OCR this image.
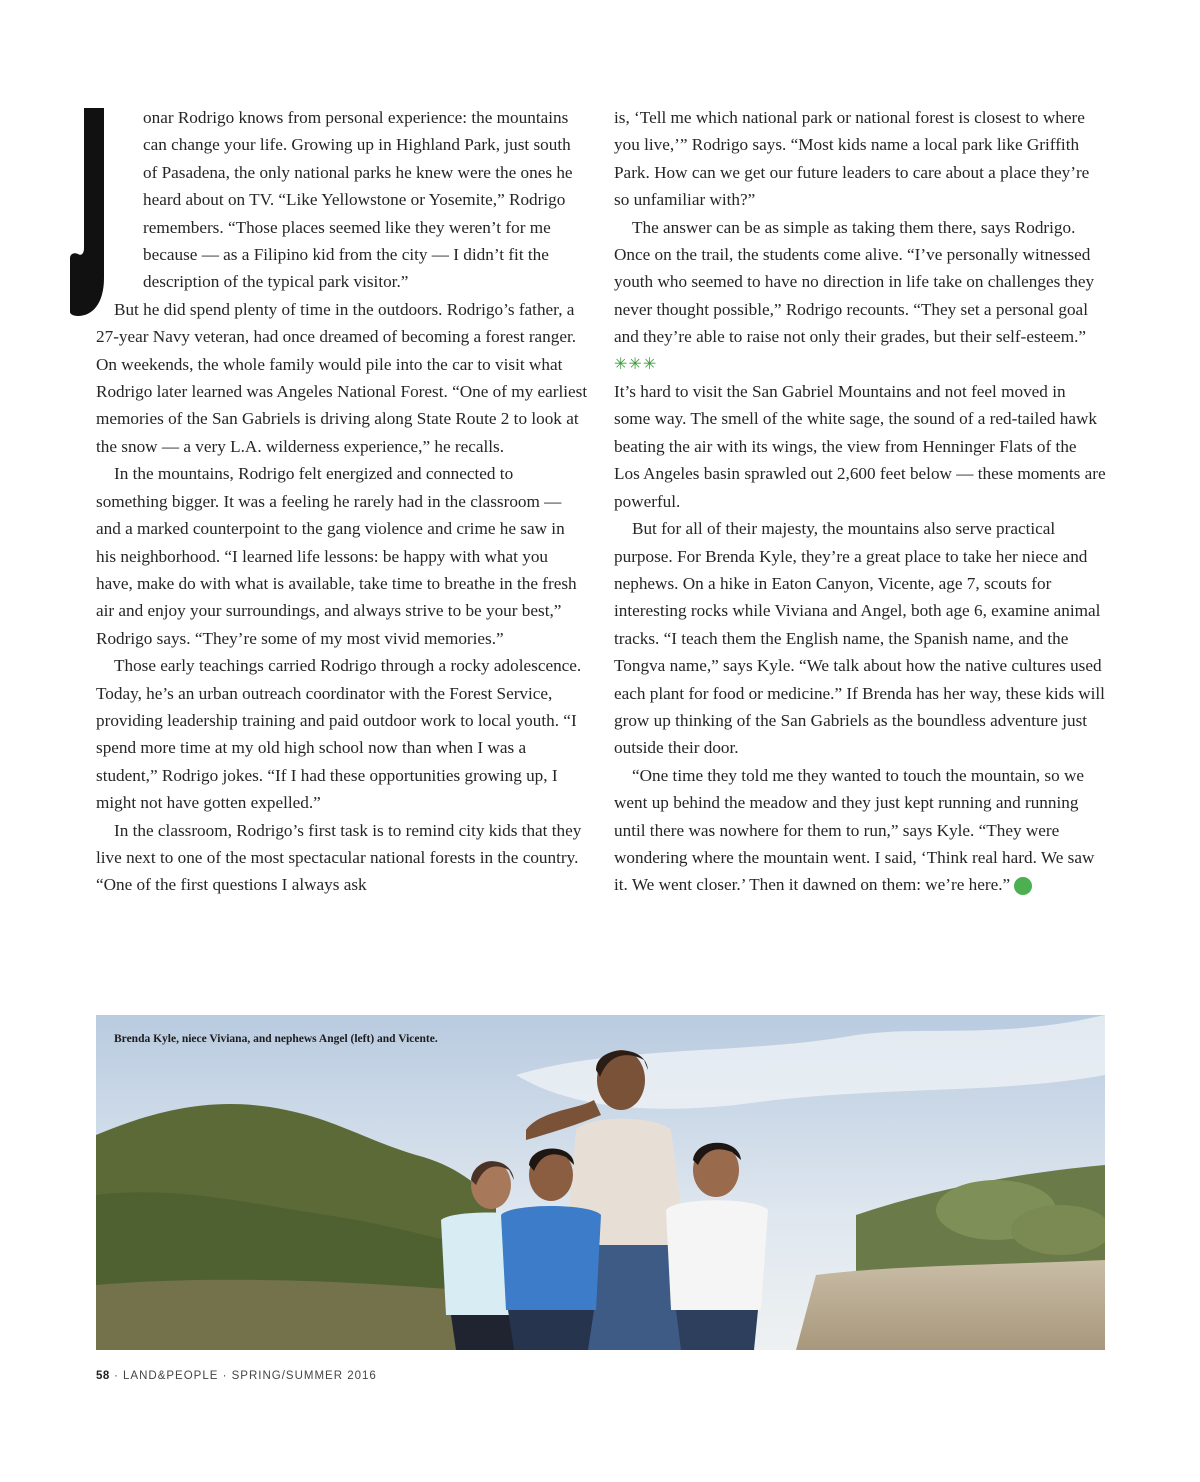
onar Rodrigo knows from personal experience: the mountains can change your life. Growing up in Highland Park, just south of Pasadena, the only national parks he knew were the ones he heard about on TV. “Like Yellowstone or Yosemite,” Rodrigo remembers. “Those places seemed like they weren’t for me because — as a Filipino kid from the city — I didn’t fit the description of the typical park visitor.”

But he did spend plenty of time in the outdoors. Rodrigo’s father, a 27-year Navy veteran, had once dreamed of becoming a forest ranger. On weekends, the whole family would pile into the car to visit what Rodrigo later learned was Angeles National Forest. “One of my earliest memories of the San Gabriels is driving along State Route 2 to look at the snow — a very L.A. wilderness experience,” he recalls.

In the mountains, Rodrigo felt energized and connected to something bigger. It was a feeling he rarely had in the classroom — and a marked counterpoint to the gang violence and crime he saw in his neighborhood. “I learned life lessons: be happy with what you have, make do with what is available, take time to breathe in the fresh air and enjoy your surroundings, and always strive to be your best,” Rodrigo says. “They’re some of my most vivid memories.”

Those early teachings carried Rodrigo through a rocky adolescence. Today, he’s an urban outreach coordinator with the Forest Service, providing leadership training and paid outdoor work to local youth. “I spend more time at my old high school now than when I was a student,” Rodrigo jokes. “If I had these opportunities growing up, I might not have gotten expelled.”

In the classroom, Rodrigo’s first task is to remind city kids that they live next to one of the most spectacular national forests in the country. “One of the first questions I always ask

is, ‘Tell me which national park or national forest is closest to where you live,’” Rodrigo says. “Most kids name a local park like Griffith Park. How can we get our future leaders to care about a place they’re so unfamiliar with?”

The answer can be as simple as taking them there, says Rodrigo. Once on the trail, the students come alive. “I’ve personally witnessed youth who seemed to have no direction in life take on challenges they never thought possible,” Rodrigo recounts. “They set a personal goal and they’re able to raise not only their grades, but their self-esteem.”

✳✳✳

It’s hard to visit the San Gabriel Mountains and not feel moved in some way. The smell of the white sage, the sound of a red-tailed hawk beating the air with its wings, the view from Henninger Flats of the Los Angeles basin sprawled out 2,600 feet below — these moments are powerful.

But for all of their majesty, the mountains also serve practical purpose. For Brenda Kyle, they’re a great place to take her niece and nephews. On a hike in Eaton Canyon, Vicente, age 7, scouts for interesting rocks while Viviana and Angel, both age 6, examine animal tracks. “I teach them the English name, the Spanish name, and the Tongva name,” says Kyle. “We talk about how the native cultures used each plant for food or medicine.” If Brenda has her way, these kids will grow up thinking of the San Gabriels as the boundless adventure just outside their door.

“One time they told me they wanted to touch the mountain, so we went up behind the meadow and they just kept running and running until there was nowhere for them to run,” says Kyle. “They were wondering where the mountain went. I said, ‘Think real hard. We saw it. We went closer.’ Then it dawned on them: we’re here.”	L+P

Brenda Kyle, niece Viviana, and nephews Angel (left) and Vicente.
58 · LAND&PEOPLE · SPRING/SUMMER 2016
